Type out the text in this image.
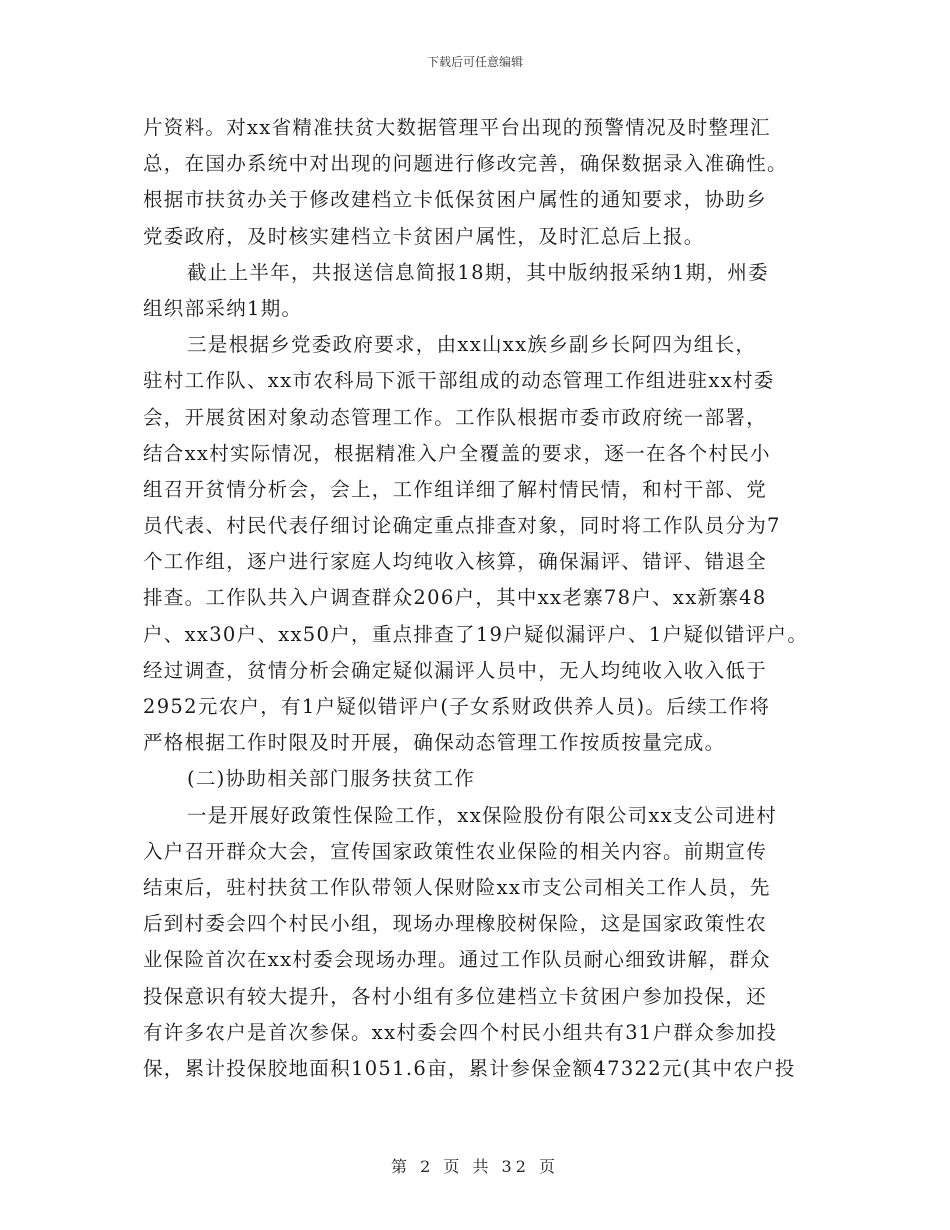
下载后可任意编辑
片资料。对xx省精准扶贫大数据管理平台出现的预警情况及时整理汇
总，在国办系统中对出现的问题进行修改完善，确保数据录入准确性。
根据市扶贫办关于修改建档立卡低保贫困户属性的通知要求，协助乡
党委政府，及时核实建档立卡贫困户属性，及时汇总后上报。
截止上半年，共报送信息简报18期，其中版纳报采纳1期，州委
组织部采纳1期。
三是根据乡党委政府要求，由xx山xx族乡副乡长阿四为组长，
驻村工作队、xx市农科局下派干部组成的动态管理工作组进驻xx村委
会，开展贫困对象动态管理工作。工作队根据市委市政府统一部署，
结合xx村实际情况，根据精准入户全覆盖的要求，逐一在各个村民小
组召开贫情分析会，会上，工作组详细了解村情民情，和村干部、党
员代表、村民代表仔细讨论确定重点排查对象，同时将工作队员分为7
个工作组，逐户进行家庭人均纯收入核算，确保漏评、错评、错退全
排查。工作队共入户调查群众206户，其中xx老寨78户、xx新寨48
户、xx30户、xx50户，重点排查了19户疑似漏评户、1户疑似错评户。
经过调查，贫情分析会确定疑似漏评人员中，无人均纯收入收入低于
2952元农户，有1户疑似错评户(子女系财政供养人员)。后续工作将
严格根据工作时限及时开展，确保动态管理工作按质按量完成。
(二)协助相关部门服务扶贫工作
一是开展好政策性保险工作，xx保险股份有限公司xx支公司进村
入户召开群众大会，宣传国家政策性农业保险的相关内容。前期宣传
结束后，驻村扶贫工作队带领人保财险xx市支公司相关工作人员，先
后到村委会四个村民小组，现场办理橡胶树保险，这是国家政策性农
业保险首次在xx村委会现场办理。通过工作队员耐心细致讲解，群众
投保意识有较大提升，各村小组有多位建档立卡贫困户参加投保，还
有许多农户是首次参保。xx村委会四个村民小组共有31户群众参加投
保，累计投保胶地面积1051.6亩，累计参保金额47322元(其中农户投
第 2 页 共 32 页
